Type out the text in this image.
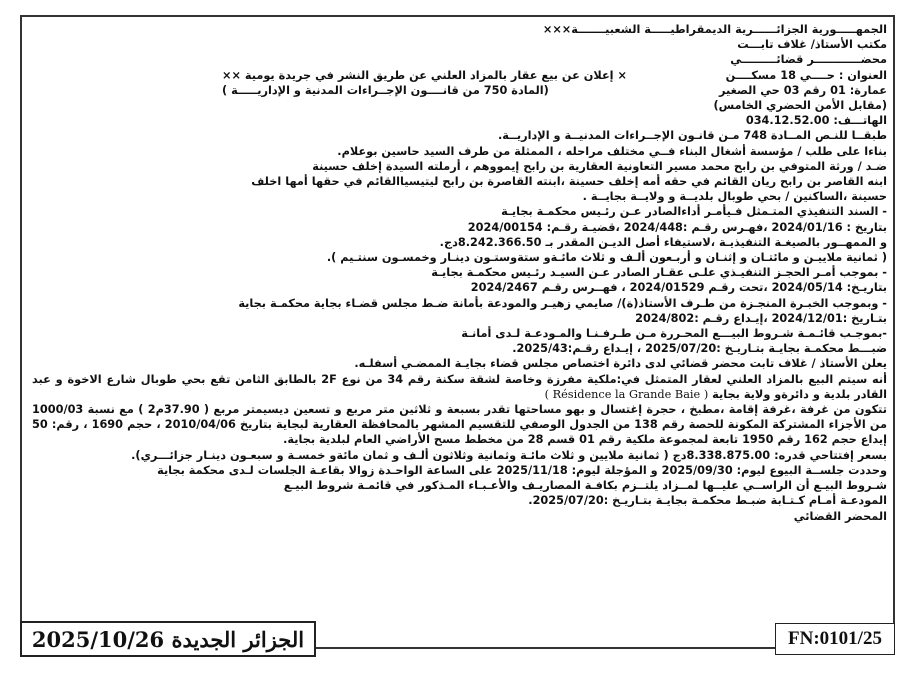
الجمهـــــورية الجزائــــــرية الديمقراطيـــــة الشعبيـــــــة×××
مكتب الأستاذ/ غلاف تابـــت
محضــــــــــــر قضائـــــــــي
العنوان : حــــي 18 مسكــــن
× إعلان عن بيع عقار بالمزاد العلني عن طريق النشر في جريدة يومية ××
عمارة: 01 رقم 03 حي الصغير
(المادة 750 من قانــــون الإجــراءات المدنية و الإداريـــــة )
(مقابل الأمن الحضري الخامس)
الهاتـــف: 034.12.52.00
طبقــا للنـص المــادة 748 مـن قانـون الإجــراءات المدنيــة و الإداريــة.
بناءا على طلب / مؤسسة أشغال البناء فــي مختلف مراحله ، الممثلة من طرف السيد حاسين بوعلام.
ضـد / ورثة المتوفي بن رابح محمد مسير التعاونية العقارية بن رابح إيمووهم ، أرملته السيدة إخلف حسينة
ابنه القاصر بن رابح ريان القائم في حقه أمه إخلف حسينة ،ابنته القاصرة بن رابح ليتيسياالقائم في حقها أمها اخلف
حسينة ،الساكنين / بحي طوبال بلديــة و ولايــة بجايــة .
- السند التنفيذي المتـمثل فـيأمـر أداءالصادر عـن رئـيس محكمـة بجايـة
بتاريخ : 2024/01/16 ،فهـرس رقـم :2024/448 ،قضيـة رقـم: 2024/00154
و الممهــور بالصيغـة التنفيذيـة ،لاستيفاء أصل الديـن المقدر بـ 8.242.366.50دج.
( ثمانية ملاييـن و مائتـان و إثنـان و أربـعون ألـف و ثلاث مائـةو ستةوستـون دينـار وخمسـون سنتـيم ).
- بموجب أمـر الحجـز التنفيـذي علـى عقـار الصادر عـن السيـد رئـيس محكمـة بجايـة
بتاريـخ: 2024/05/14 ،تحت رقـم 2024/01529 ، فهــرس رقـم 2024/2467
- وبموجب الخبـرة المنجـزة من طـرف الأستاذ(ة)/ صايمي زهيـر والمودعة بأمانة ضـط مجلس قضـاء بجاية محكمـة بجاية
بتـاريخ :2024/12/01 ،إيـداع رقـم :2024/802
-بموجـب قائـمـة شـروط البيـــع المحـررة مـن طـرفـنـا والمـودعـة لـدى أمانـة
ضبـــط محكمـة بجايـة بتـاريـخ :2025/07/20 ، إيـداع رقـم:2025/43.
يعلن الأستاذ / غلاف تابت محضر قضائي لدى دائرة اختصاص مجلس قضاء بجايـة الممضـي أسفلـه.
أنه سيتم البيع بالمزاد العلني لعقار المتمثل في:ملكية مفرزة وخاصة لشقة سكنة رقم 34 من نوع 2F بالطابق الثامن تقع بحي طوبال شارع الاخوة و عبد القادر بلدية و دائرةو ولاية بجاية ( Résidence la Grande Baie )
تتكون من غرفة ،غرفة إقامة ،مطبخ ، حجرة إغتسال و بهو مساحتها تقدر بسبعة و ثلاثين متر مربع و تسعين ديسيمتر مربع ( 37.90م2 ) مع نسبة 1000/03 من الأجزاء المشتركة المكونة للحصة رقم 138 من الجدول الوصفي للتقسيم المشهر بالمحافظة العقارية لبجاية بتاريخ 2010/04/06 ، حجم 1690 ، رقم: 50 إيداع حجم 162 رقم 1950 تابعة لمجموعة ملكية رقم 01 قسم 28 من مخطط مسح الأراضي العام لبلدية بجاية.
بسعر إفتتاحي قدره: 8.338.875.00دج ( ثمانية ملايين و ثلاث مائـة وثمانية وثلاثون ألـف و ثمان مائةو خمسـة و سبعـون دينـار جزائـــري).
وحددت جلســة البيوع ليوم: 2025/09/30 و المؤجلة ليوم: 2025/11/18 على الساعة الواحـدة زوالا بقاعـة الجلسات لـدى محكمة بجاية
شـروط البيـع أن الراســي عليــها لمــزاد يلتــزم بكافـة المصاريـف والأعـبـاء المـذكور في قائمـة شروط البيـع
المودعـة أمـام كـتـابة ضبـط محكمـة بجايـة بتـاريـخ :2025/07/20.
المحضر القضائي
الجزائر الجديدة 2025/10/26	FN:0101/25
